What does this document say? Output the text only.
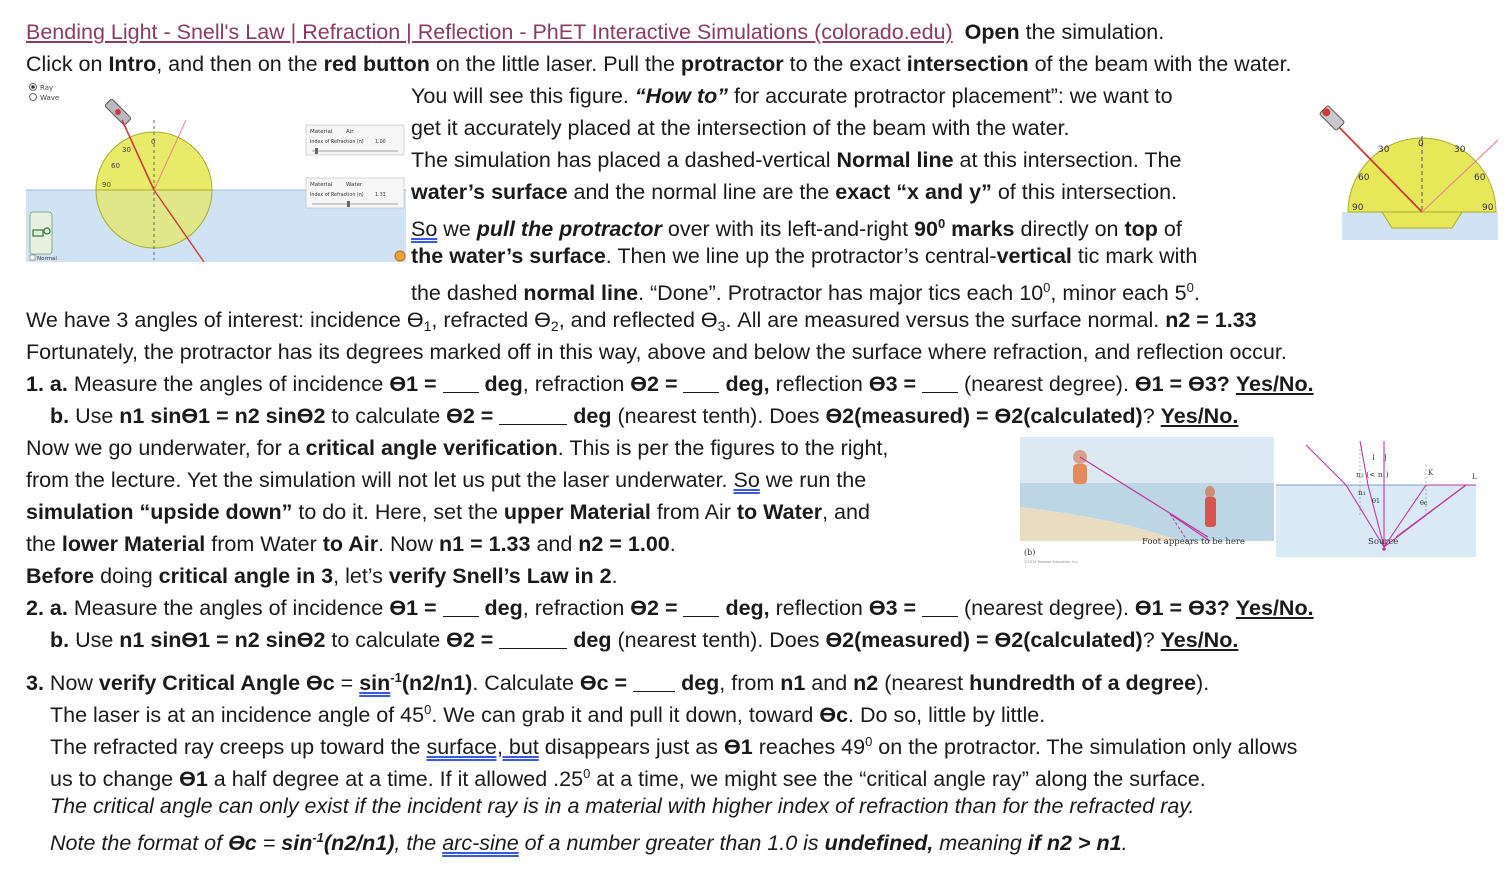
Bending Light - Snell's Law | Refraction | Reflection - PhET Interactive Simulations (colorado.edu) Open the simulation.
Click on Intro, and then on the red button on the little laser. Pull the protractor to the exact intersection of the beam with the water.
You will see this figure. “How to” for accurate protractor placement”: we want to
get it accurately placed at the intersection of the beam with the water.
The simulation has placed a dashed-vertical Normal line at this intersection. The
water’s surface and the normal line are the exact “x and y” of this intersection.
So we pull the protractor over with its left-and-right $90^0$ marks directly on top of
the water’s surface. Then we line up the protractor’s central-vertical tic mark with
the dashed normal line. “Done”. Protractor has major tics each $10^0$, minor each $5^0$.
We have 3 angles of interest: incidence $ϴ_1$, refracted $ϴ_2$, and reflected $ϴ_3$. All are measured versus the surface normal. n2 = 1.33
Fortunately, the protractor has its degrees marked off in this way, above and below the surface where refraction, and reflection occur.
1. a. Measure the angles of incidence ϴ1 =  deg, refraction ϴ2 =  deg, reflection ϴ3 =  (nearest degree). ϴ1 = ϴ3? Yes/No.
b. Use n1 sinϴ1 = n2 sinϴ2 to calculate ϴ2 =	deg (nearest tenth). Does ϴ2(measured) = ϴ2(calculated)? Yes/No.
Now we go underwater, for a critical angle verification. This is per the figures to the right,
from the lecture. Yet the simulation will not let us put the laser underwater. So we run the
simulation “upside down” to do it. Here, set the upper Material from Air to Water, and
the lower Material from Water to Air. Now n1 = 1.33 and n2 = 1.00.
Before doing critical angle in 3, let’s verify Snell’s Law in 2.
2. a. Measure the angles of incidence ϴ1 =  deg, refraction ϴ2 =  deg, reflection ϴ3 =  (nearest degree). ϴ1 = ϴ3? Yes/No.
b. Use n1 sinϴ1 = n2 sinϴ2 to calculate ϴ2 =	deg (nearest tenth). Does ϴ2(measured) = ϴ2(calculated)? Yes/No.
3. Now verify Critical Angle $ϴc = \sin^{-1}(n2/n1)$. Calculate ϴc =  deg, from n1 and n2 (nearest hundredth of a degree).
The laser is at an incidence angle of $45^0$. We can grab it and pull it down, toward ϴc. Do so, little by little.
The refracted ray creeps up toward the surface, but disappears just as ϴ1 reaches $49^0$ on the protractor. The simulation only allows
us to change ϴ1 a half degree at a time. If it allowed $.25^0$ at a time, we might see the “critical angle ray” along the surface.
The critical angle can only exist if the incident ray is in a material with higher index of refraction than for the refracted ray.
Note the format of $ϴc = \sin^{-1}(n2/n1)$, the arc-sine of a number greater than 1.0 is undefined, meaning if n2 > n1.
Ray
Wave
0
30
60
90
Material Air
Index of Refraction (n) 1.00
Material Water
Index of Refraction (n) 1.33
Normal
0
30	30
60	60
90	90
(b)
©2014 Pearson Education, Inc.
Foot appears to be here
n₂ (< n₁)
n₁
J
I
K	L
θ1	θc
Source
